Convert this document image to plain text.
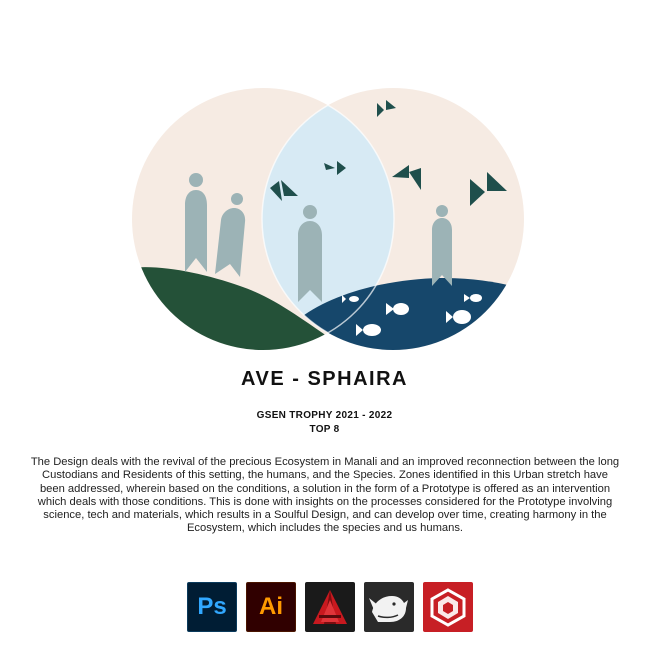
AVE - SPHAIRA
GSEN TROPHY 2021 - 2022
TOP 8

The Design deals with the revival of the precious Ecosystem in Manali and an improved reconnection between the long Custodians and Residents of this setting, the humans, and the Species. Zones identified in this Urban stretch have been addressed, wherein based on the conditions, a solution in the form of a Prototype is offered as an intervention which deals with those conditions. This is done with insights on the processes considered for the Prototype involving science, tech and materials, which results in a Soulful Design, and can develop over time, creating harmony in the Ecosystem, which includes the species and us humans.

Ps Ai
